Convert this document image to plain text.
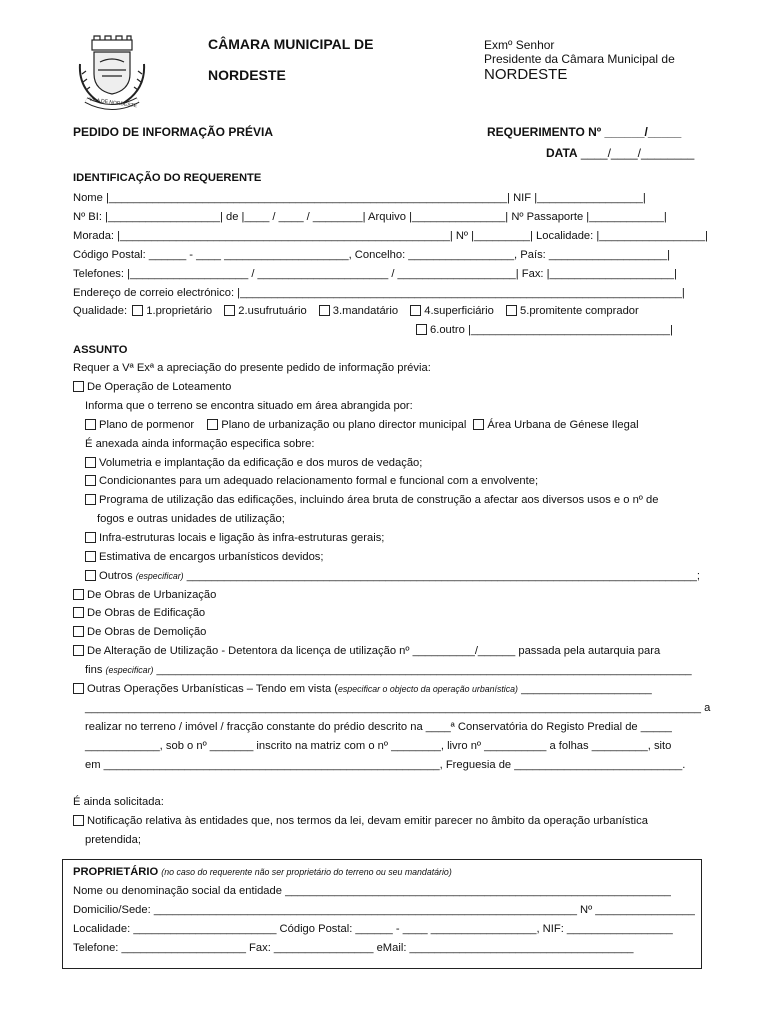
VILA DE NORDESTE
CÂMARA MUNICIPAL DE
NORDESTE
Exmº Senhor
Presidente da Câmara Municipal de
NORDESTE
PEDIDO DE INFORMAÇÃO PRÉVIA	REQUERIMENTO Nº ______/_____
DATA ____/____/________
IDENTIFICAÇÃO DO REQUERENTE
Nome |________________________________________________________________| NIF |_________________|
Nº BI: |__________________| de |____ / ____ / ________| Arquivo |_______________| Nº Passaporte |____________|
Morada: |_____________________________________________________| Nº |_________| Localidade: |_________________|
Código Postal: ______ - ____ ____________________, Concelho: _________________, País: ___________________|
Telefones: |___________________ / _____________________ / ___________________| Fax: |____________________|
Endereço de correio electrónico: |_______________________________________________________________________|
Qualidade: 1.proprietário 2.usufrutuário 3.mandatário 4.superficiário 5.promitente comprador
6.outro |________________________________|
ASSUNTO
Requer a Vª Exª a apreciação do presente pedido de informação prévia:
De Operação de Loteamento
Informa que o terreno se encontra situado em área abrangida por:
Plano de pormenor Plano de urbanização ou plano director municipal Área Urbana de Génese Ilegal
É anexada ainda informação especifica sobre:
Volumetria e implantação da edificação e dos muros de vedação;
Condicionantes para um adequado relacionamento formal e funcional com a envolvente;
Programa de utilização das edificações, incluindo área bruta de construção a afectar aos diversos usos e o nº de
fogos e outras unidades de utilização;
Infra-estruturas locais e ligação às infra-estruturas gerais;
Estimativa de encargos urbanísticos devidos;
Outros (especificar) __________________________________________________________________________________;
De Obras de Urbanização
De Obras de Edificação
De Obras de Demolição
De Alteração de Utilização - Detentora da licença de utilização nº __________/______ passada pela autarquia para
fins (especificar) ______________________________________________________________________________________
Outras Operações Urbanísticas – Tendo em vista (especificar o objecto da operação urbanística) _____________________
___________________________________________________________________________________________________ a
realizar no terreno / imóvel / fracção constante do prédio descrito na ____ª Conservatória do Registo Predial de _____
____________, sob o nº _______ inscrito na matriz com o nº ________, livro nº __________ a folhas _________, sito
em ______________________________________________________, Freguesia de ___________________________.
É ainda solicitada:
Notificação relativa às entidades que, nos termos da lei, devam emitir parecer no âmbito da operação urbanística
pretendida;
PROPRIETÁRIO (no caso do requerente não ser proprietário do terreno ou seu mandatário)
Nome ou denominação social da entidade ______________________________________________________________
Domicilio/Sede: ____________________________________________________________________ Nº ________________
Localidade: _______________________ Código Postal: ______ - ____ _________________, NIF: _________________
Telefone: ____________________ Fax: ________________ eMail: ____________________________________
